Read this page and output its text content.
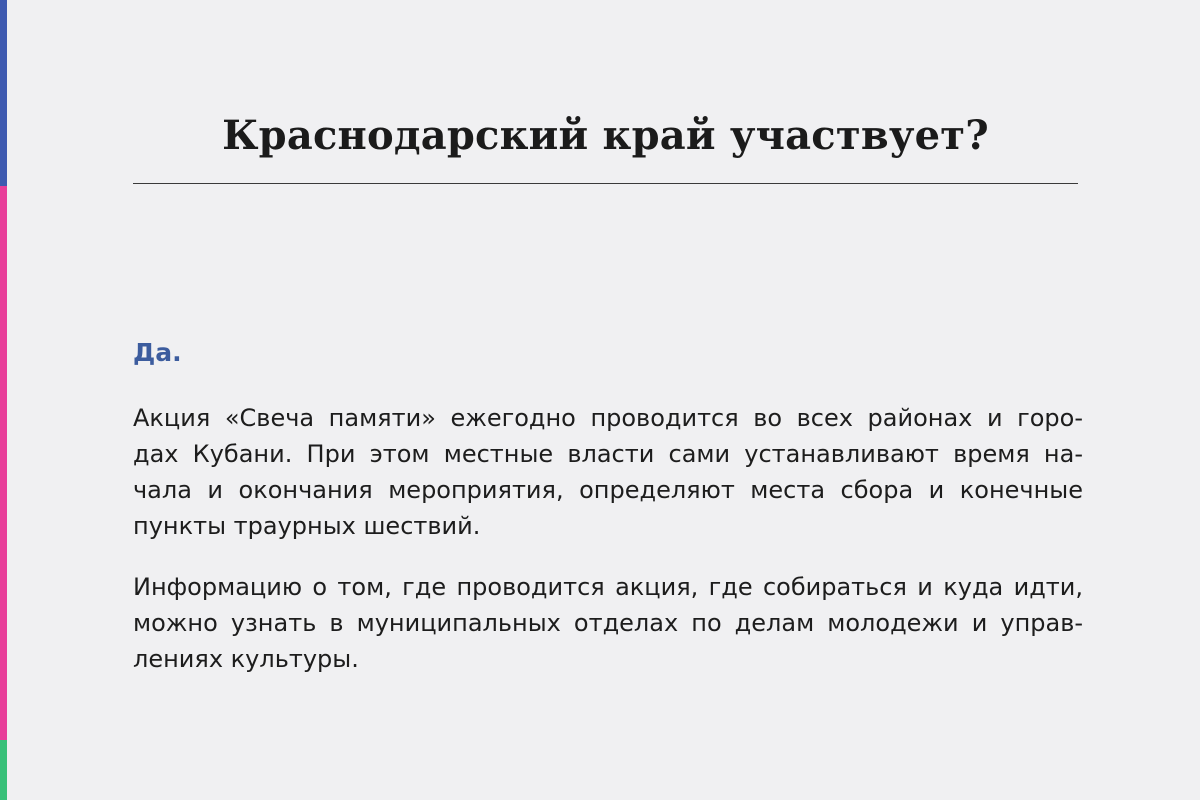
Краснодарский край участвует?

Да.

Акция «Свеча памяти» ежегодно проводится во всех районах и горо-
дах Кубани. При этом местные власти сами устанавливают время на-
чала и окончания мероприятия, определяют места сбора и конечные
пункты траурных шествий.
Информацию о том, где проводится акция, где собираться и куда идти,
можно узнать в муниципальных отделах по делам молодежи и управ-
лениях культуры.
